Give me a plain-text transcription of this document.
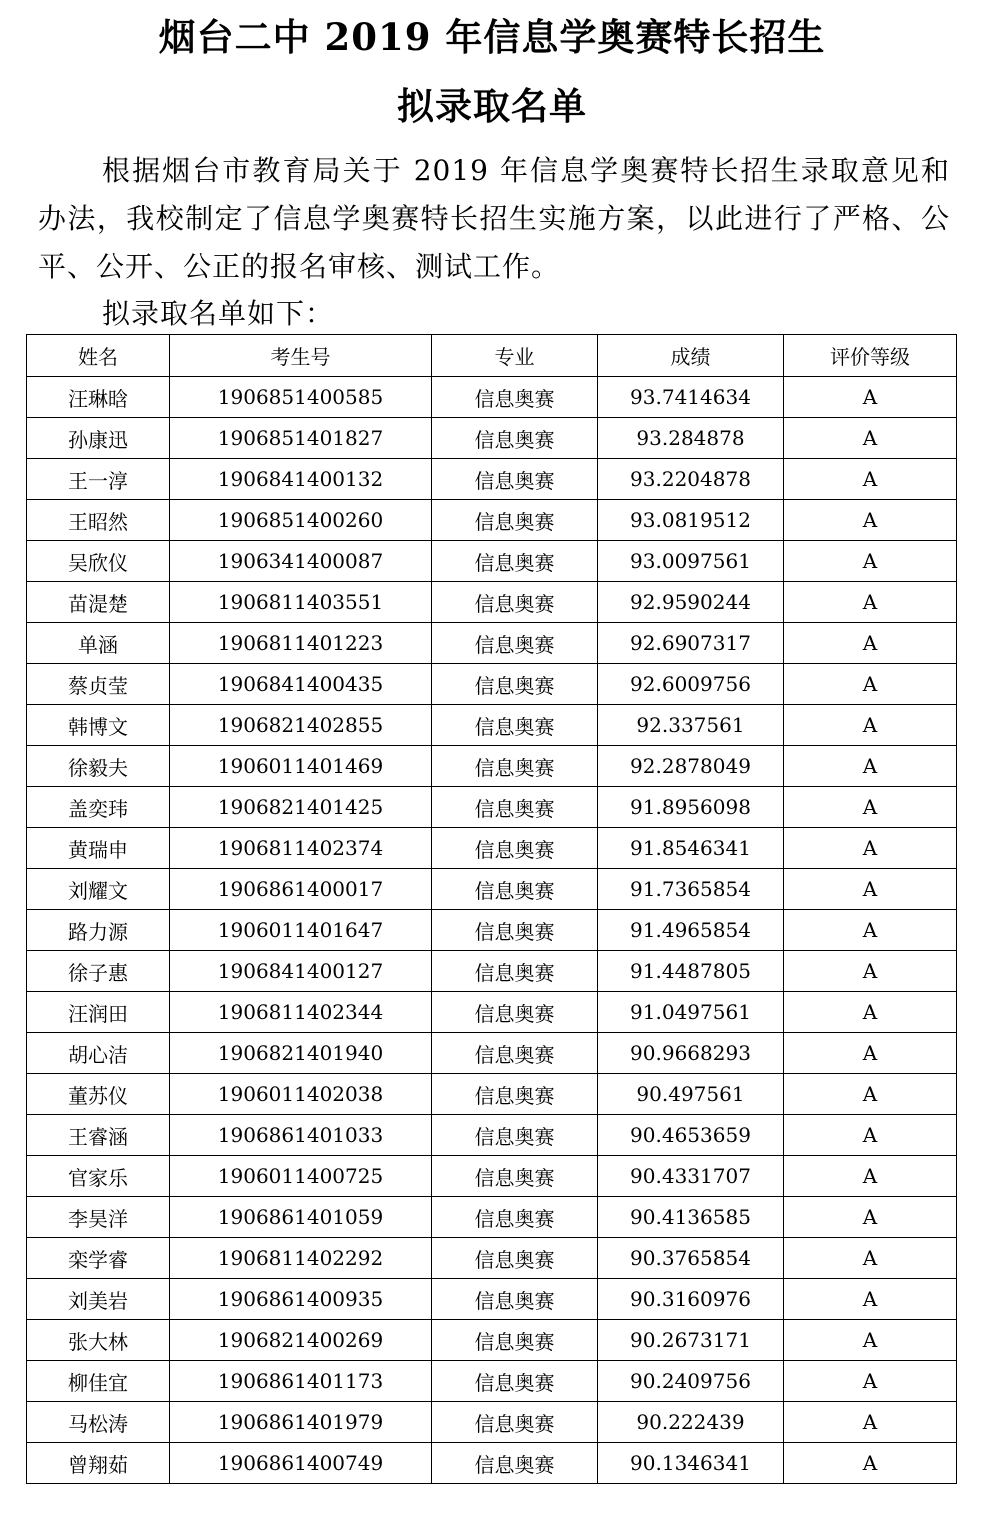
烟台二中 2019 年信息学奥赛特长招生
拟录取名单
根据烟台市教育局关于 2019 年信息学奥赛特长招生录取意见和办法，我校制定了信息学奥赛特长招生实施方案，以此进行了严格、公平、公开、公正的报名审核、测试工作。
拟录取名单如下：
姓名	考生号	专业	成绩	评价等级
汪琳晗	1906851400585	信息奥赛	93.7414634	A
孙康迅	1906851401827	信息奥赛	93.284878	A
王一淳	1906841400132	信息奥赛	93.2204878	A
王昭然	1906851400260	信息奥赛	93.0819512	A
吴欣仪	1906341400087	信息奥赛	93.0097561	A
苗湜楚	1906811403551	信息奥赛	92.9590244	A
单涵	1906811401223	信息奥赛	92.6907317	A
蔡贞莹	1906841400435	信息奥赛	92.6009756	A
韩博文	1906821402855	信息奥赛	92.337561	A
徐毅夫	1906011401469	信息奥赛	92.2878049	A
盖奕玮	1906821401425	信息奥赛	91.8956098	A
黄瑞申	1906811402374	信息奥赛	91.8546341	A
刘耀文	1906861400017	信息奥赛	91.7365854	A
路力源	1906011401647	信息奥赛	91.4965854	A
徐子惠	1906841400127	信息奥赛	91.4487805	A
汪润田	1906811402344	信息奥赛	91.0497561	A
胡心洁	1906821401940	信息奥赛	90.9668293	A
董苏仪	1906011402038	信息奥赛	90.497561	A
王睿涵	1906861401033	信息奥赛	90.4653659	A
官家乐	1906011400725	信息奥赛	90.4331707	A
李昊洋	1906861401059	信息奥赛	90.4136585	A
栾学睿	1906811402292	信息奥赛	90.3765854	A
刘美岩	1906861400935	信息奥赛	90.3160976	A
张大林	1906821400269	信息奥赛	90.2673171	A
柳佳宜	1906861401173	信息奥赛	90.2409756	A
马松涛	1906861401979	信息奥赛	90.222439	A
曾翔茹	1906861400749	信息奥赛	90.1346341	A
